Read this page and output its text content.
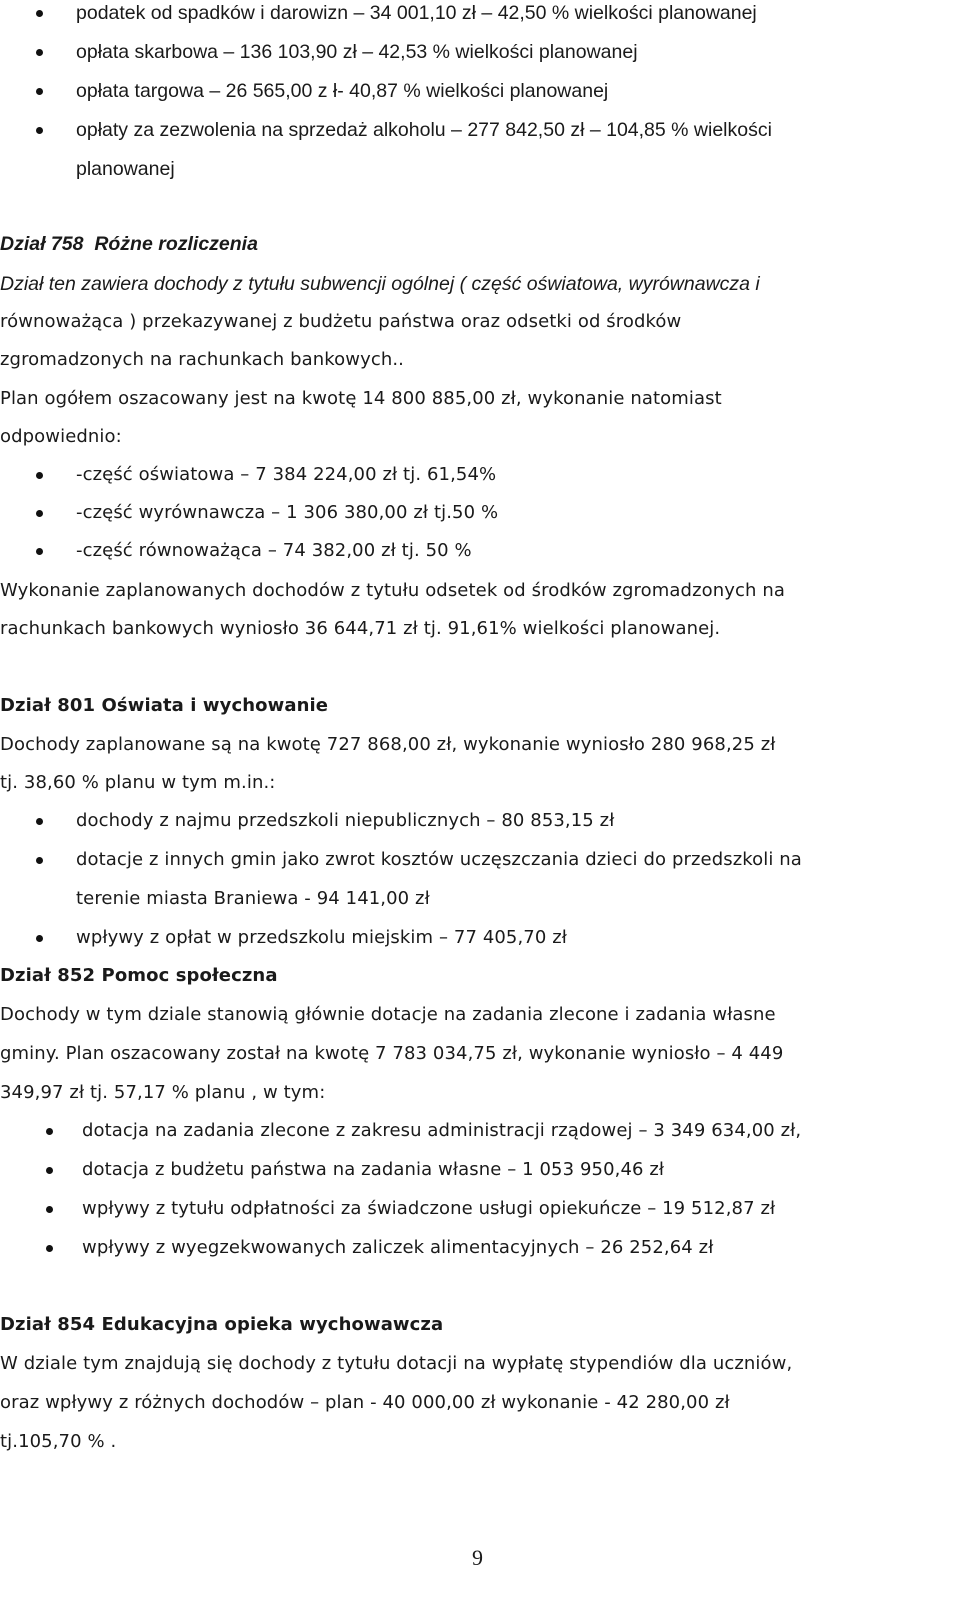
podatek od spadków i darowizn – 34 001,10 zł – 42,50 % wielkości planowanej
opłata skarbowa – 136 103,90 zł – 42,53 % wielkości planowanej
opłata targowa – 26 565,00 z ł- 40,87 % wielkości planowanej
opłaty za zezwolenia na sprzedaż alkoholu – 277 842,50 zł – 104,85 % wielkości
planowanej
Dział 758 Różne rozliczenia
Dział ten zawiera dochody z tytułu subwencji ogólnej ( część oświatowa, wyrównawcza i
równoważąca ) przekazywanej z budżetu państwa oraz odsetki od środków
zgromadzonych na rachunkach bankowych..
Plan ogółem oszacowany jest na kwotę 14 800 885,00 zł, wykonanie natomiast
odpowiednio:
-część oświatowa – 7 384 224,00 zł tj. 61,54%
-część wyrównawcza – 1 306 380,00 zł tj.50 %
-część równoważąca – 74 382,00 zł tj. 50 %
Wykonanie zaplanowanych dochodów z tytułu odsetek od środków zgromadzonych na
rachunkach bankowych wyniosło 36 644,71 zł tj. 91,61% wielkości planowanej.
Dział 801 Oświata i wychowanie
Dochody zaplanowane są na kwotę 727 868,00 zł, wykonanie wyniosło 280 968,25 zł
tj. 38,60 % planu w tym m.in.:
dochody z najmu przedszkoli niepublicznych – 80 853,15 zł
dotacje z innych gmin jako zwrot kosztów uczęszczania dzieci do przedszkoli na
terenie miasta Braniewa - 94 141,00 zł
wpływy z opłat w przedszkolu miejskim – 77 405,70 zł
Dział 852 Pomoc społeczna
Dochody w tym dziale stanowią głównie dotacje na zadania zlecone i zadania własne
gminy. Plan oszacowany został na kwotę 7 783 034,75 zł, wykonanie wyniosło – 4 449
349,97 zł tj. 57,17 % planu , w tym:
dotacja na zadania zlecone z zakresu administracji rządowej – 3 349 634,00 zł,
dotacja z budżetu państwa na zadania własne – 1 053 950,46 zł
wpływy z tytułu odpłatności za świadczone usługi opiekuńcze – 19 512,87 zł
wpływy z wyegzekwowanych zaliczek alimentacyjnych – 26 252,64 zł
Dział 854 Edukacyjna opieka wychowawcza
W dziale tym znajdują się dochody z tytułu dotacji na wypłatę stypendiów dla uczniów,
oraz wpływy z różnych dochodów – plan - 40 000,00 zł wykonanie - 42 280,00 zł
tj.105,70 % .
9
